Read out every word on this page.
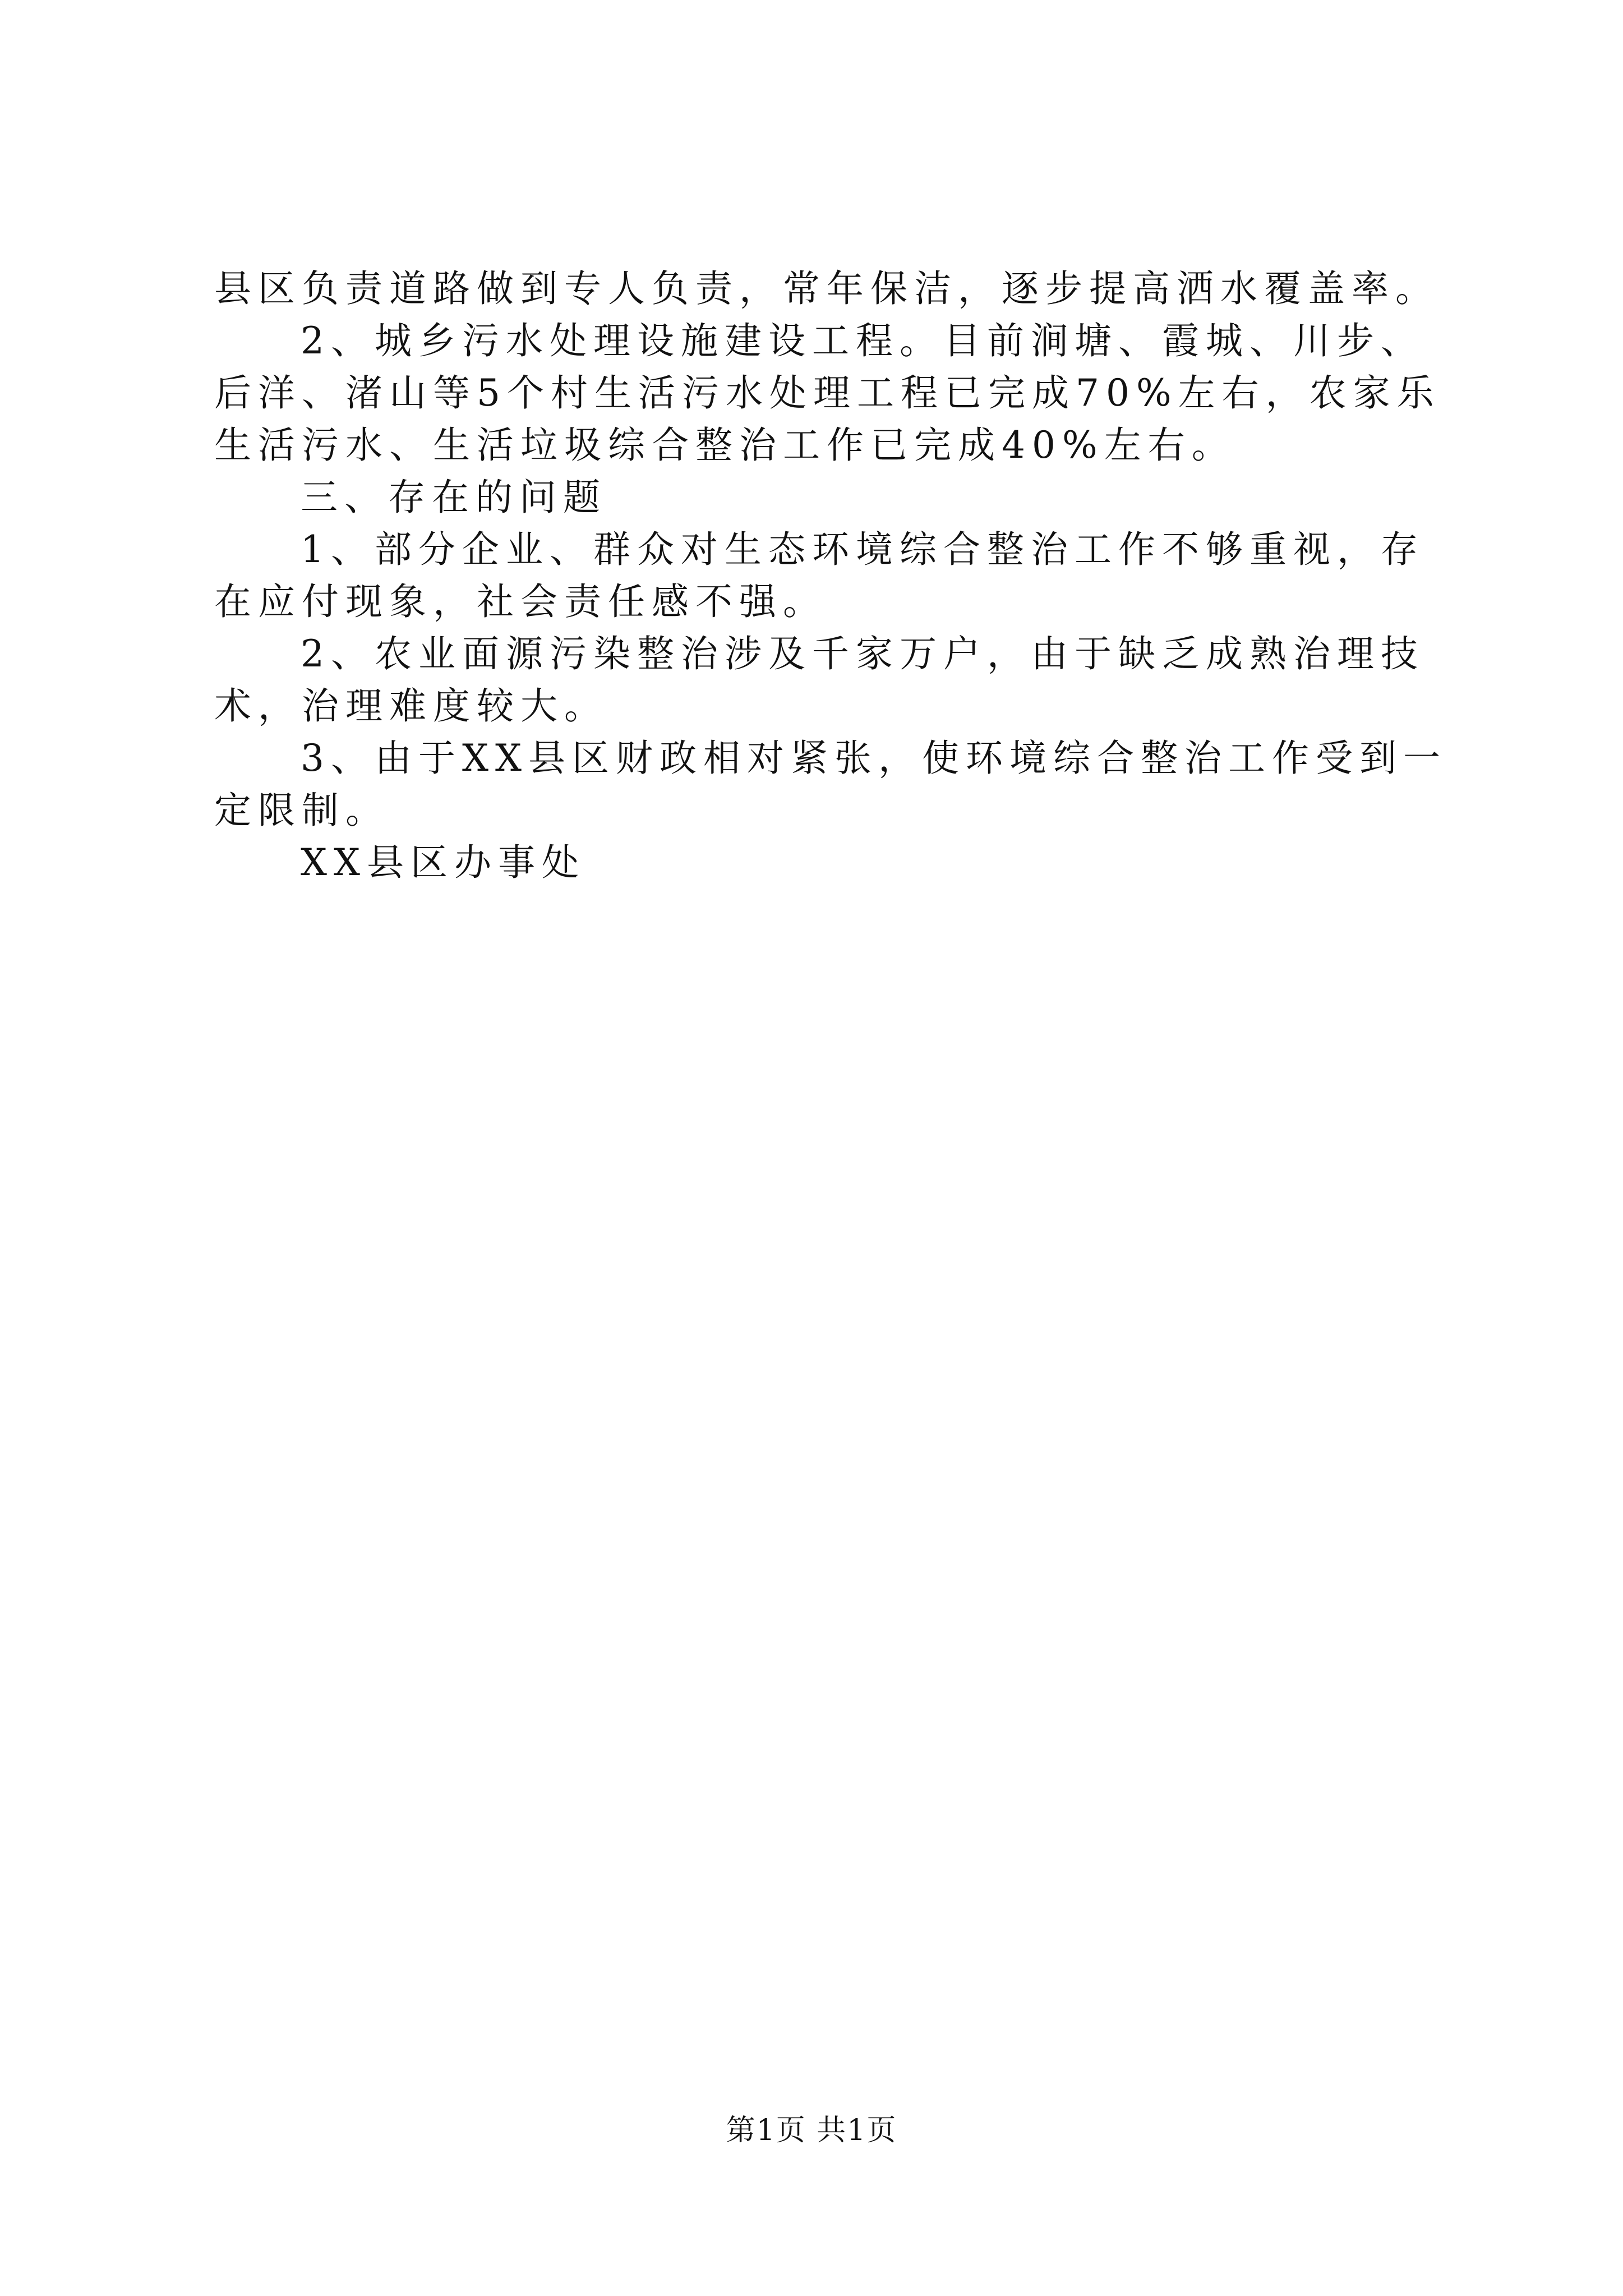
县区负责道路做到专人负责，常年保洁，逐步提高洒水覆盖率。

2、城乡污水处理设施建设工程。目前涧塘、霞城、川步、

后洋、渚山等5个村生活污水处理工程已完成70%左右，农家乐

生活污水、生活垃圾综合整治工作已完成40%左右。

三、存在的问题

1、部分企业、群众对生态环境综合整治工作不够重视，存

在应付现象，社会责任感不强。

2、农业面源污染整治涉及千家万户，由于缺乏成熟治理技

术，治理难度较大。

3、由于XX县区财政相对紧张，使环境综合整治工作受到一

定限制。

XX县区办事处

第1页 共1页
